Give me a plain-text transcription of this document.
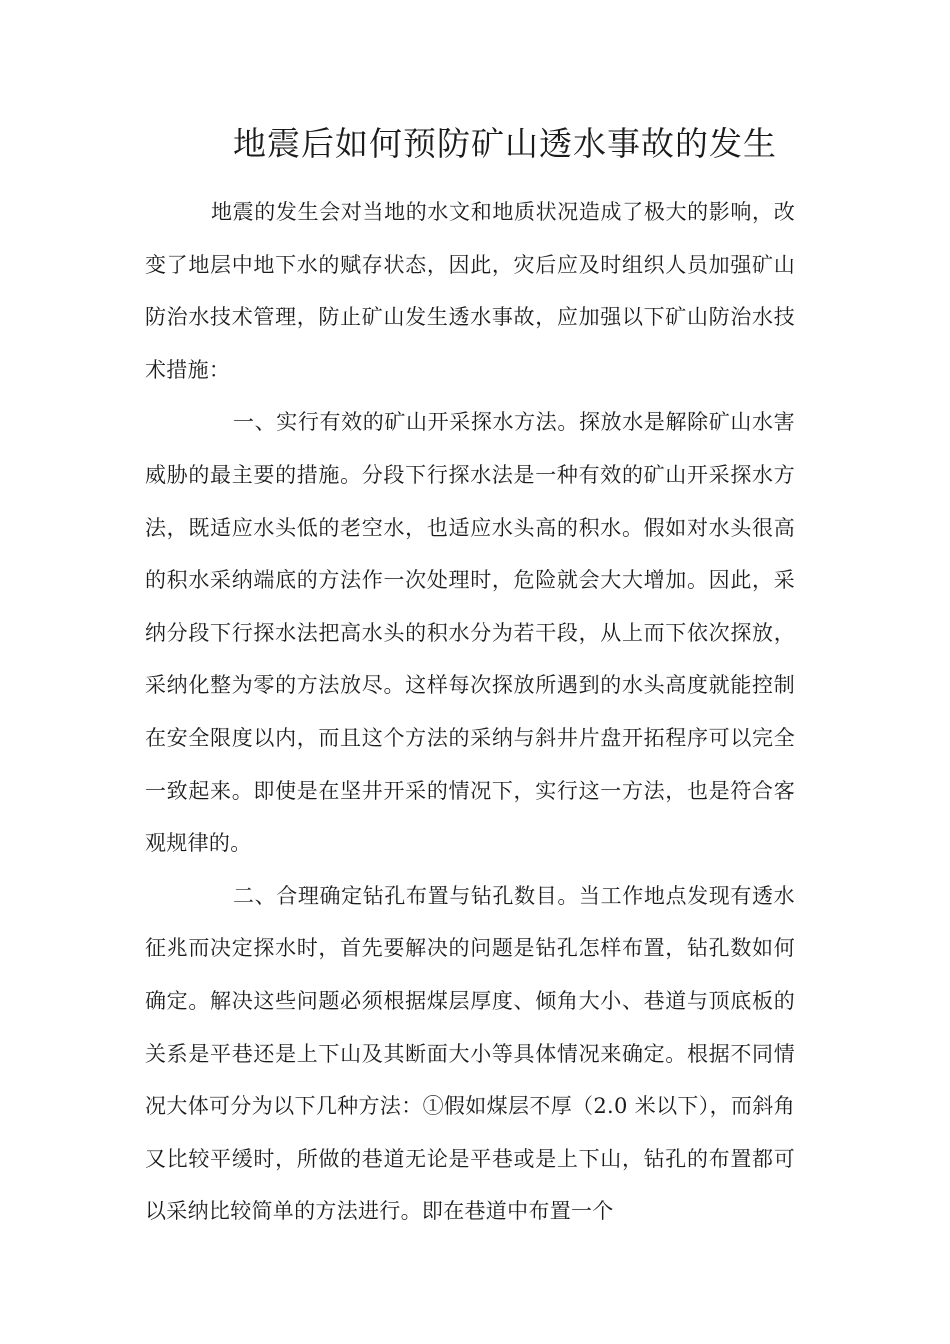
地震后如何预防矿山透水事故的发生

地震的发生会对当地的水文和地质状况造成了极大的影响，改变了地层中地下水的赋存状态，因此，灾后应及时组织人员加强矿山防治水技术管理，防止矿山发生透水事故，应加强以下矿山防治水技术措施：

一、实行有效的矿山开采探水方法。探放水是解除矿山水害威胁的最主要的措施。分段下行探水法是一种有效的矿山开采探水方法，既适应水头低的老空水，也适应水头高的积水。假如对水头很高的积水采纳端底的方法作一次处理时，危险就会大大增加。因此，采纳分段下行探水法把高水头的积水分为若干段，从上而下依次探放，采纳化整为零的方法放尽。这样每次探放所遇到的水头高度就能控制在安全限度以内，而且这个方法的采纳与斜井片盘开拓程序可以完全一致起来。即使是在坚井开采的情况下，实行这一方法，也是符合客观规律的。

二、合理确定钻孔布置与钻孔数目。当工作地点发现有透水征兆而决定探水时，首先要解决的问题是钻孔怎样布置，钻孔数如何确定。解决这些问题必须根据煤层厚度、倾角大小、巷道与顶底板的关系是平巷还是上下山及其断面大小等具体情况来确定。根据不同情况大体可分为以下几种方法：①假如煤层不厚（2.0 米以下），而斜角又比较平缓时，所做的巷道无论是平巷或是上下山，钻孔的布置都可以采纳比较简单的方法进行。即在巷道中布置一个
